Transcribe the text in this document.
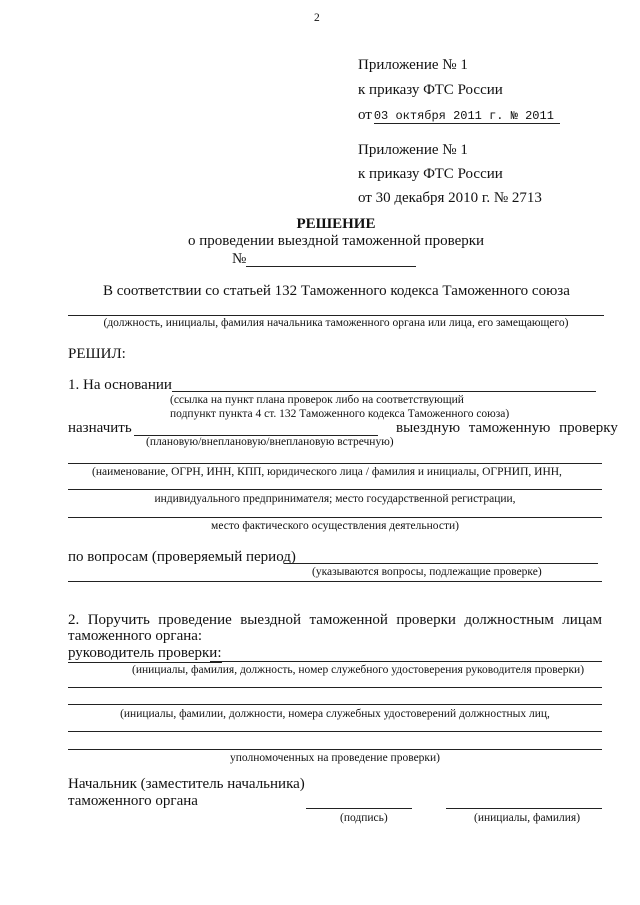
2
Приложение № 1
к приказу ФТС России
от 03 октября 2011 г. № 2011
Приложение № 1
к приказу ФТС России
от 30 декабря 2010 г. № 2713
РЕШЕНИЕ
о проведении выездной таможенной проверки
№
В соответствии со статьей 132 Таможенного кодекса Таможенного союза
(должность, инициалы, фамилия начальника таможенного органа или лица, его замещающего)
РЕШИЛ:
1. На основании
(ссылка на пункт плана проверок либо на соответствующий
подпункт пункта 4 ст. 132 Таможенного кодекса Таможенного союза)
назначить	выездную таможенную проверку
(плановую/внеплановую/внеплановую встречную)
(наименование, ОГРН, ИНН, КПП, юридического лица / фамилия и инициалы, ОГРНИП, ИНН,
индивидуального предпринимателя; место государственной регистрации,
место фактического осуществления деятельности)
по вопросам (проверяемый период)
(указываются вопросы, подлежащие проверке)
2. Поручить проведение выездной таможенной проверки должностным лицам
таможенного органа:
руководитель проверки:
(инициалы, фамилия, должность, номер служебного удостоверения руководителя проверки)
(инициалы, фамилии, должности, номера служебных удостоверений должностных лиц,
уполномоченных на проведение проверки)
Начальник (заместитель начальника)
таможенного органа
(подпись)	(инициалы, фамилия)
